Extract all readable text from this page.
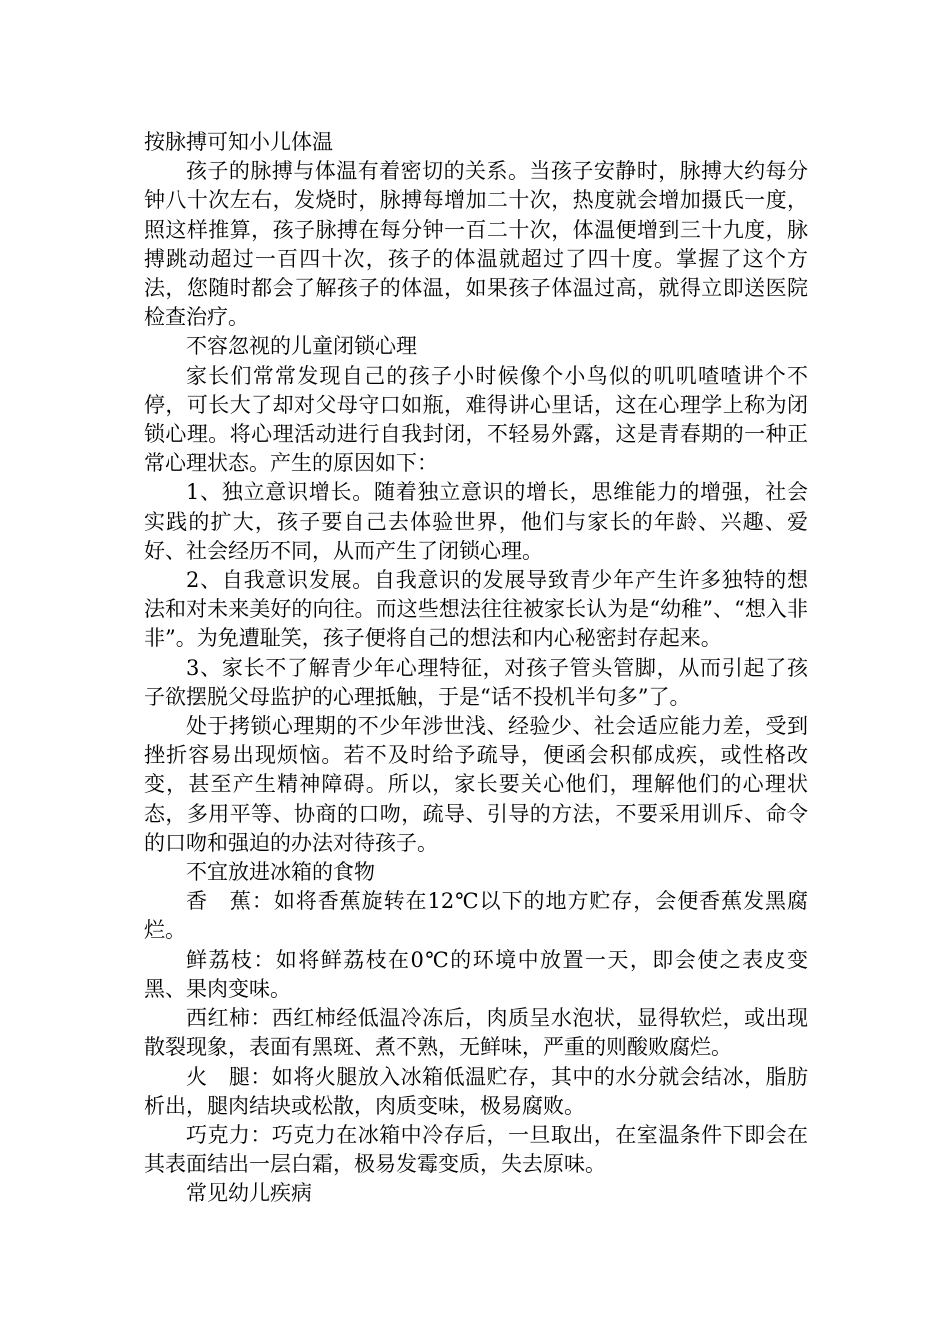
按脉搏可知小儿体温

孩子的脉搏与体温有着密切的关系。当孩子安静时，脉搏大约每分钟八十次左右，发烧时，脉搏每增加二十次，热度就会增加摄氏一度，照这样推算，孩子脉搏在每分钟一百二十次，体温便增到三十九度，脉搏跳动超过一百四十次，孩子的体温就超过了四十度。掌握了这个方法，您随时都会了解孩子的体温，如果孩子体温过高，就得立即送医院检查治疗。

不容忽视的儿童闭锁心理

家长们常常发现自己的孩子小时候像个小鸟似的叽叽喳喳讲个不停，可长大了却对父母守口如瓶，难得讲心里话，这在心理学上称为闭锁心理。将心理活动进行自我封闭，不轻易外露，这是青春期的一种正常心理状态。产生的原因如下：

1、独立意识增长。随着独立意识的增长，思维能力的增强，社会实践的扩大，孩子要自己去体验世界，他们与家长的年龄、兴趣、爱好、社会经历不同，从而产生了闭锁心理。

2、自我意识发展。自我意识的发展导致青少年产生许多独特的想法和对未来美好的向往。而这些想法往往被家长认为是“幼稚”、“想入非非”。为免遭耻笑，孩子便将自己的想法和内心秘密封存起来。

3、家长不了解青少年心理特征，对孩子管头管脚，从而引起了孩子欲摆脱父母监护的心理抵触，于是“话不投机半句多”了。

处于拷锁心理期的不少年涉世浅、经验少、社会适应能力差，受到挫折容易出现烦恼。若不及时给予疏导，便函会积郁成疾，或性格改变，甚至产生精神障碍。所以，家长要关心他们，理解他们的心理状态，多用平等、协商的口吻，疏导、引导的方法，不要采用训斥、命令的口吻和强迫的办法对待孩子。

不宜放进冰箱的食物

香　蕉：如将香蕉旋转在12℃以下的地方贮存，会便香蕉发黑腐烂。

鲜荔枝：如将鲜荔枝在0℃的环境中放置一天，即会使之表皮变黑、果肉变味。

西红柿：西红柿经低温冷冻后，肉质呈水泡状，显得软烂，或出现散裂现象，表面有黑斑、煮不熟，无鲜味，严重的则酸败腐烂。

火　腿：如将火腿放入冰箱低温贮存，其中的水分就会结冰，脂肪析出，腿肉结块或松散，肉质变味，极易腐败。

巧克力：巧克力在冰箱中冷存后，一旦取出，在室温条件下即会在其表面结出一层白霜，极易发霉变质，失去原味。

常见幼儿疾病
